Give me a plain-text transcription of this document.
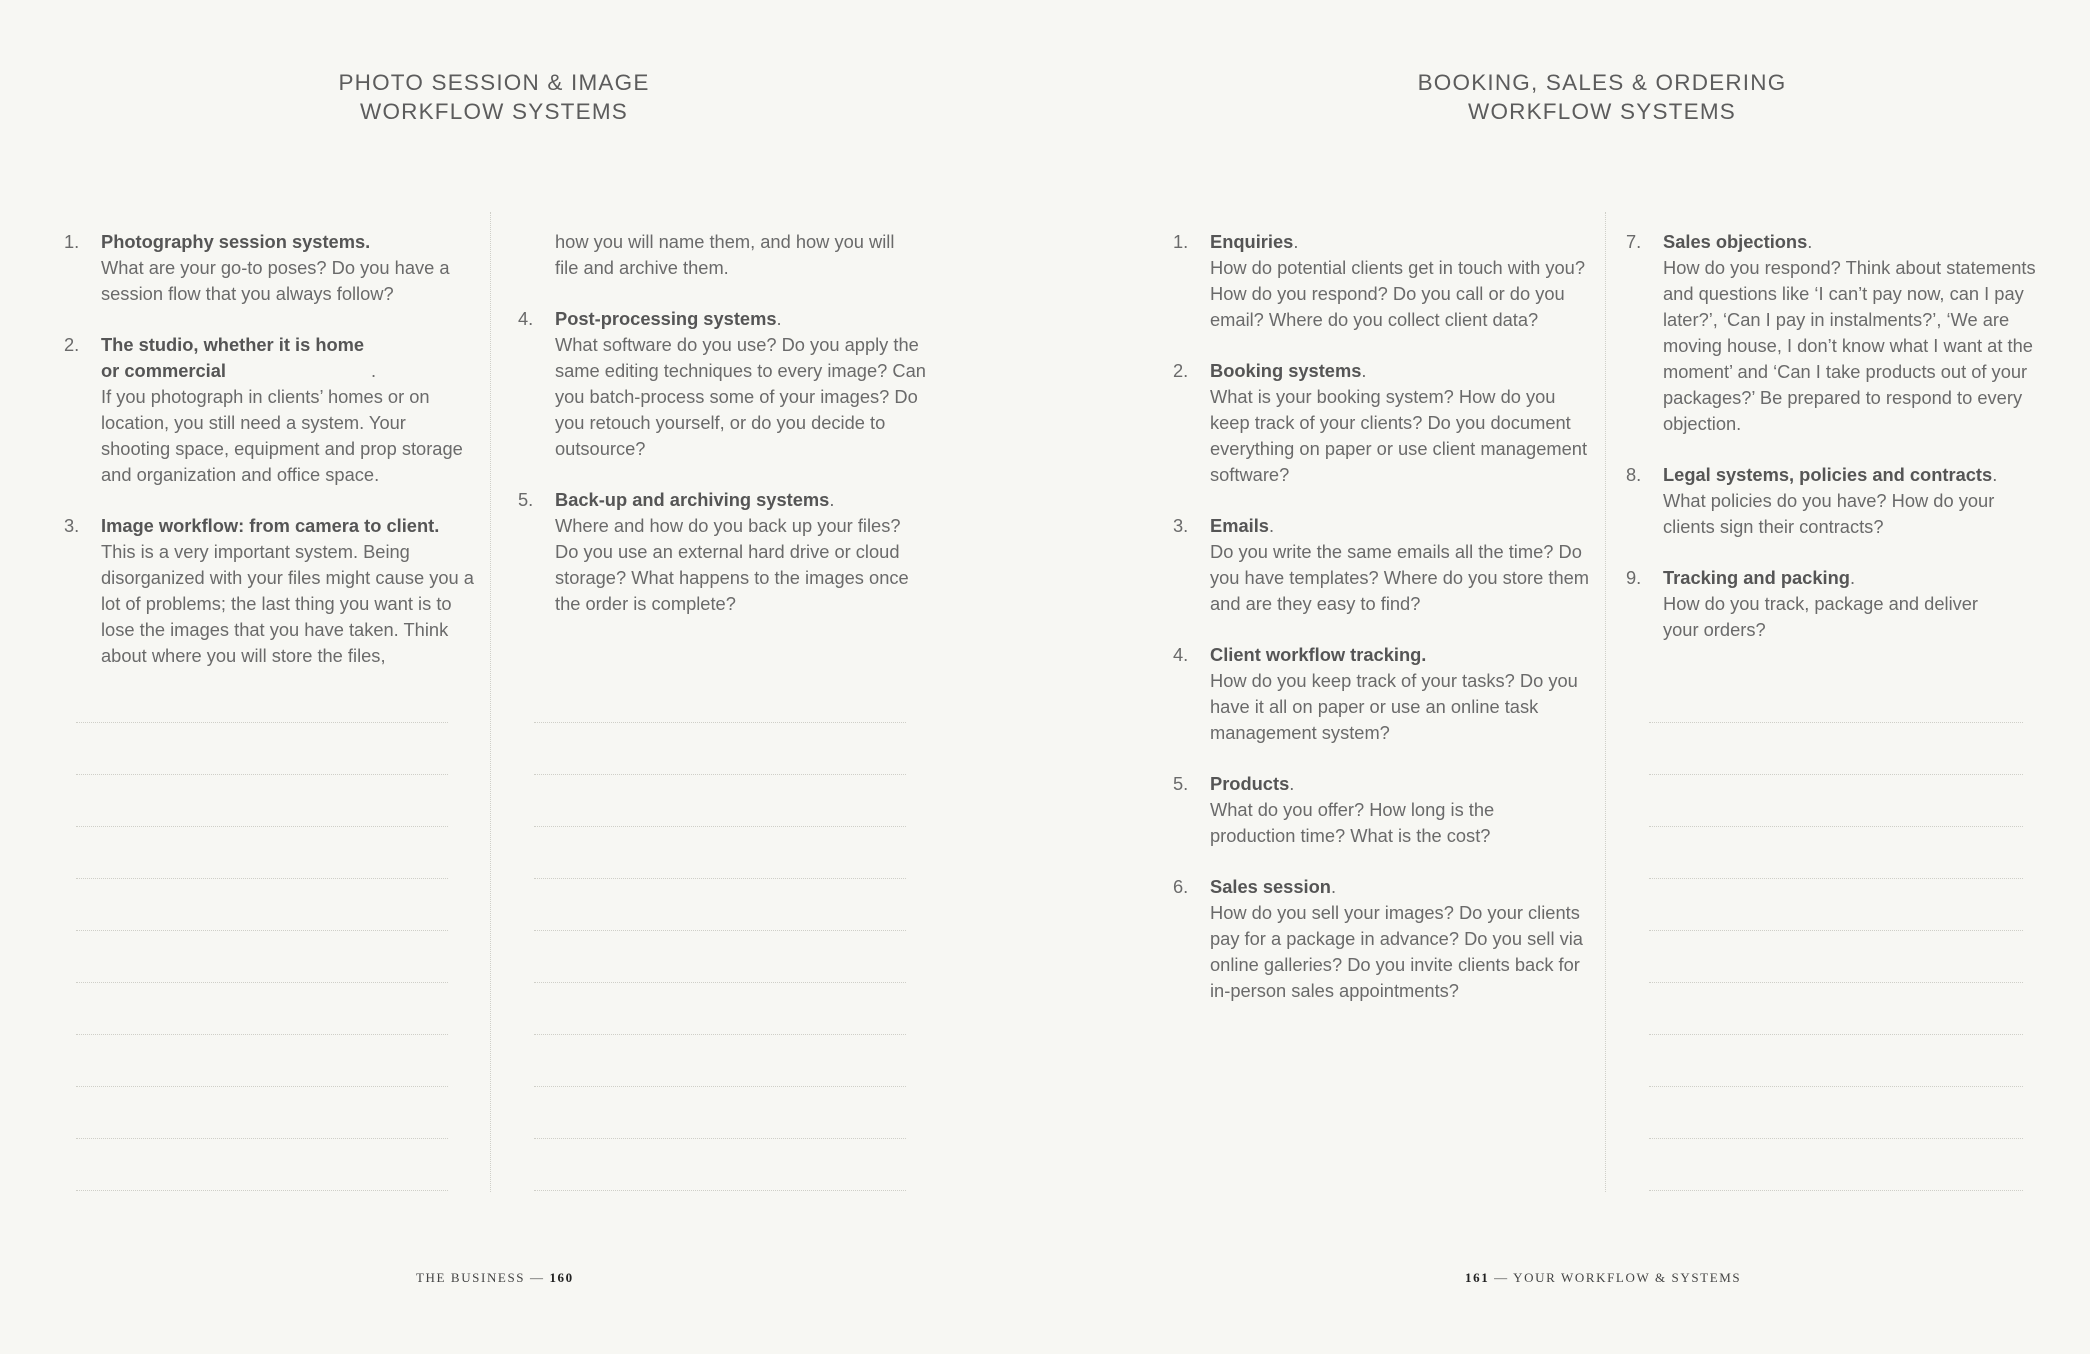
PHOTO SESSION & IMAGE
WORKFLOW SYSTEMS
1.	Photography session systems.
What are your go-to poses? Do you have a session flow that you always follow?
2.	The studio, whether it is home or commercial	.
If you photograph in clients’ homes or on location, you still need a system. Your shooting space, equipment and prop storage and organization and office space.
3.	Image workflow: from camera to client.
This is a very important system. Being disorganized with your files might cause you a lot of problems; the last thing you want is to lose the images that you have taken. Think about where you will store the files,
how you will name them, and how you will file and archive them.
4.	Post-processing systems.
What software do you use? Do you apply the same editing techniques to every image? Can you batch-process some of your images? Do you retouch yourself, or do you decide to outsource?
5.	Back-up and archiving systems.
Where and how do you back up your files? Do you use an external hard drive or cloud storage? What happens to the images once the order is complete?
THE BUSINESS — 160
BOOKING, SALES & ORDERING
WORKFLOW SYSTEMS
1.	Enquiries.
How do potential clients get in touch with you? How do you respond? Do you call or do you email? Where do you collect client data?
2.	Booking systems.
What is your booking system? How do you keep track of your clients? Do you document everything on paper or use client management software?
3.	Emails.
Do you write the same emails all the time? Do you have templates? Where do you store them and are they easy to find?
4.	Client workflow tracking.
How do you keep track of your tasks? Do you have it all on paper or use an online task management system?
5.	Products.
What do you offer? How long is the production time? What is the cost?
6.	Sales session.
How do you sell your images? Do your clients pay for a package in advance? Do you sell via online galleries? Do you invite clients back for in-person sales appointments?
7.	Sales objections.
How do you respond? Think about statements and questions like ‘I can’t pay now, can I pay later?’, ‘Can I pay in instalments?’, ‘We are moving house, I don’t know what I want at the moment’ and ‘Can I take products out of your packages?’ Be prepared to respond to every objection.
8.	Legal systems, policies and contracts.
What policies do you have? How do your clients sign their contracts?
9.	Tracking and packing.
How do you track, package and deliver your orders?
161 — YOUR WORKFLOW & SYSTEMS
